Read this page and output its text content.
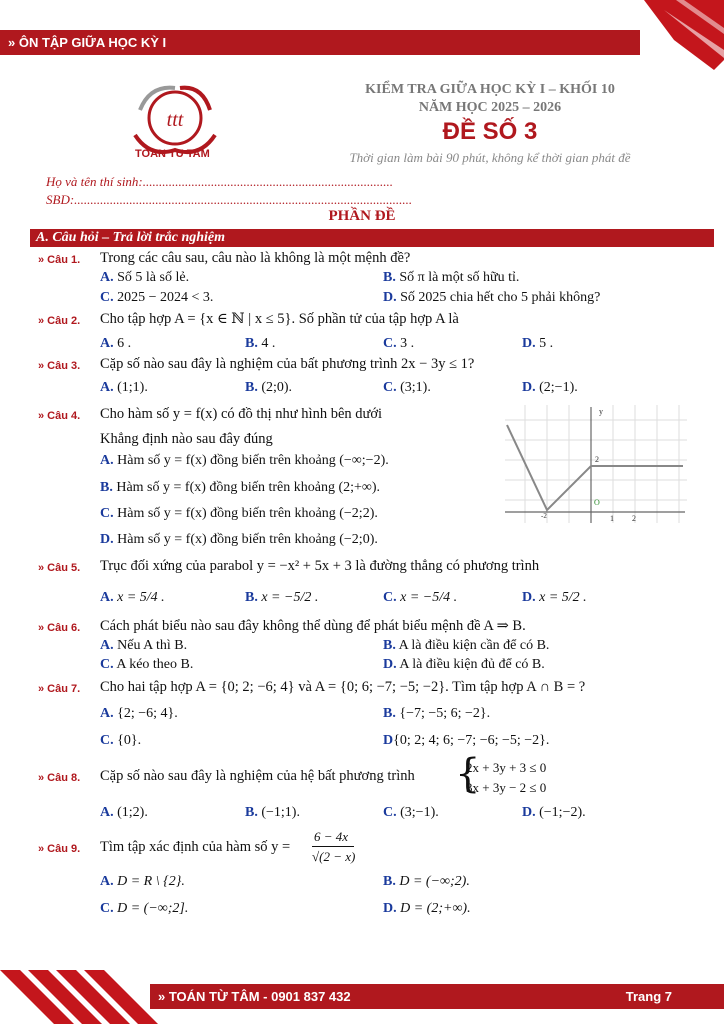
» ÔN TẬP GIỮA HỌC KỲ I
ttt
TOAN TU TAM
KIỂM TRA GIỮA HỌC KỲ I – KHỐI 10
NĂM HỌC 2025 – 2026
ĐỀ SỐ 3
Thời gian làm bài 90 phút, không kể thời gian phát đề
Họ và tên thí sinh:.............................................................................
SBD:........................................................................................................
PHẦN ĐỀ
A. Câu hỏi – Trả lời trắc nghiệm
» Câu 1. Trong các câu sau, câu nào là không là một mệnh đề?
A. Số 5 là số lẻ.	B. Số π là một số hữu tỉ.
C. 2025 − 2024 < 3.	D. Số 2025 chia hết cho 5 phải không?
» Câu 2. Cho tập hợp A = {x ∈ ℕ | x ≤ 5}. Số phần tử của tập hợp A là
A. 6 .	B. 4 .	C. 3 .	D. 5 .
» Câu 3. Cặp số nào sau đây là nghiệm của bất phương trình 2x − 3y ≤ 1?
A. (1;1).	B. (2;0).	C. (3;1).	D. (2;−1).
» Câu 4. Cho hàm số y = f(x) có đồ thị như hình bên dưới
Khẳng định nào sau đây đúng
A. Hàm số y = f(x) đồng biến trên khoảng (−∞;−2).
B. Hàm số y = f(x) đồng biến trên khoảng (2;+∞).
C. Hàm số y = f(x) đồng biến trên khoảng (−2;2).
D. Hàm số y = f(x) đồng biến trên khoảng (−2;0).
y
2
O
-2	1 2
» Câu 5. Trục đối xứng của parabol y = −x² + 5x + 3 là đường thẳng có phương trình
A. x = 5/4 .	B. x = −5/2 .	C. x = −5/4 .	D. x = 5/2 .
» Câu 6. Cách phát biểu nào sau đây không thể dùng để phát biểu mệnh đề A ⇒ B.
A. Nếu A thì B.	B. A là điều kiện cần để có B.
C. A kéo theo B.	D. A là điều kiện đủ để có B.
» Câu 7. Cho hai tập hợp A = {0; 2; −6; 4} và A = {0; 6; −7; −5; −2}. Tìm tập hợp A ∩ B = ?
A. {2; −6; 4}.	B. {−7; −5; 6; −2}.
C. {0}.	D{0; 2; 4; 6; −7; −6; −5; −2}.
» Câu 8. Cặp số nào sau đây là nghiệm của hệ bất phương trình {
2x + 3y + 3 ≤ 0
3x + 3y − 2 ≤ 0
A. (1;2).	B. (−1;1).	C. (3;−1).	D. (−1;−2).
» Câu 9. Tìm tập xác định của hàm số y =
6 − 4x
√(2 − x)
A. D = R \ {2}.	B. D = (−∞;2).
C. D = (−∞;2].	D. D = (2;+∞).
» TOÁN TỪ TÂM - 0901 837 432	Trang 7
